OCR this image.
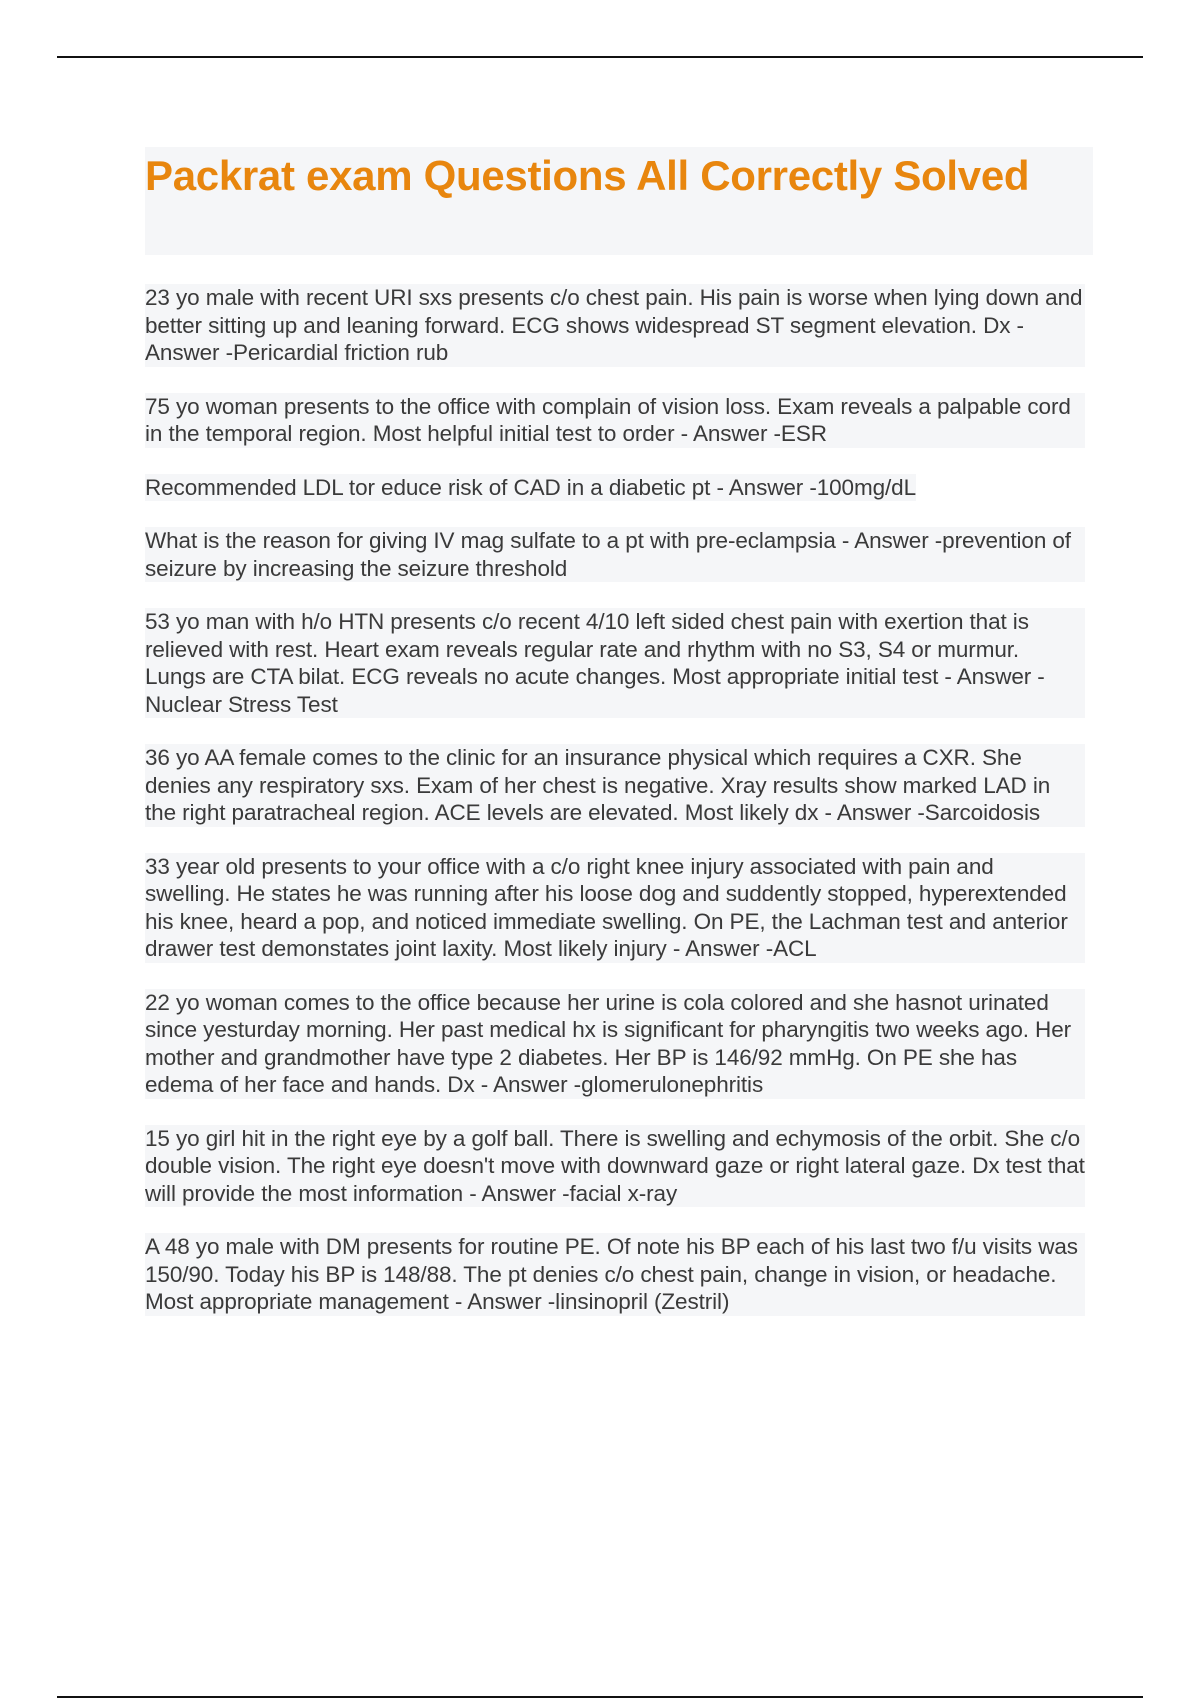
Packrat exam Questions All Correctly Solved

23 yo male with recent URI sxs presents c/o chest pain. His pain is worse when lying down and better sitting up and leaning forward. ECG shows widespread ST segment elevation. Dx - Answer -Pericardial friction rub

75 yo woman presents to the office with complain of vision loss. Exam reveals a palpable cord in the temporal region. Most helpful initial test to order - Answer -ESR

Recommended LDL tor educe risk of CAD in a diabetic pt - Answer -100mg/dL

What is the reason for giving IV mag sulfate to a pt with pre-eclampsia - Answer -prevention of seizure by increasing the seizure threshold

53 yo man with h/o HTN presents c/o recent 4/10 left sided chest pain with exertion that is relieved with rest. Heart exam reveals regular rate and rhythm with no S3, S4 or murmur. Lungs are CTA bilat. ECG reveals no acute changes. Most appropriate initial test - Answer -Nuclear Stress Test

36 yo AA female comes to the clinic for an insurance physical which requires a CXR. She denies any respiratory sxs. Exam of her chest is negative. Xray results show marked LAD in the right paratracheal region. ACE levels are elevated. Most likely dx - Answer -Sarcoidosis

33 year old presents to your office with a c/o right knee injury associated with pain and swelling. He states he was running after his loose dog and suddently stopped, hyperextended his knee, heard a pop, and noticed immediate swelling. On PE, the Lachman test and anterior drawer test demonstates joint laxity. Most likely injury - Answer -ACL

22 yo woman comes to the office because her urine is cola colored and she hasnot urinated since yesturday morning. Her past medical hx is significant for pharyngitis two weeks ago. Her mother and grandmother have type 2 diabetes. Her BP is 146/92 mmHg. On PE she has edema of her face and hands. Dx - Answer -glomerulonephritis

15 yo girl hit in the right eye by a golf ball. There is swelling and echymosis of the orbit. She c/o double vision. The right eye doesn't move with downward gaze or right lateral gaze. Dx test that will provide the most information - Answer -facial x-ray

A 48 yo male with DM presents for routine PE. Of note his BP each of his last two f/u visits was 150/90. Today his BP is 148/88. The pt denies c/o chest pain, change in vision, or headache. Most appropriate management - Answer -linsinopril (Zestril)
